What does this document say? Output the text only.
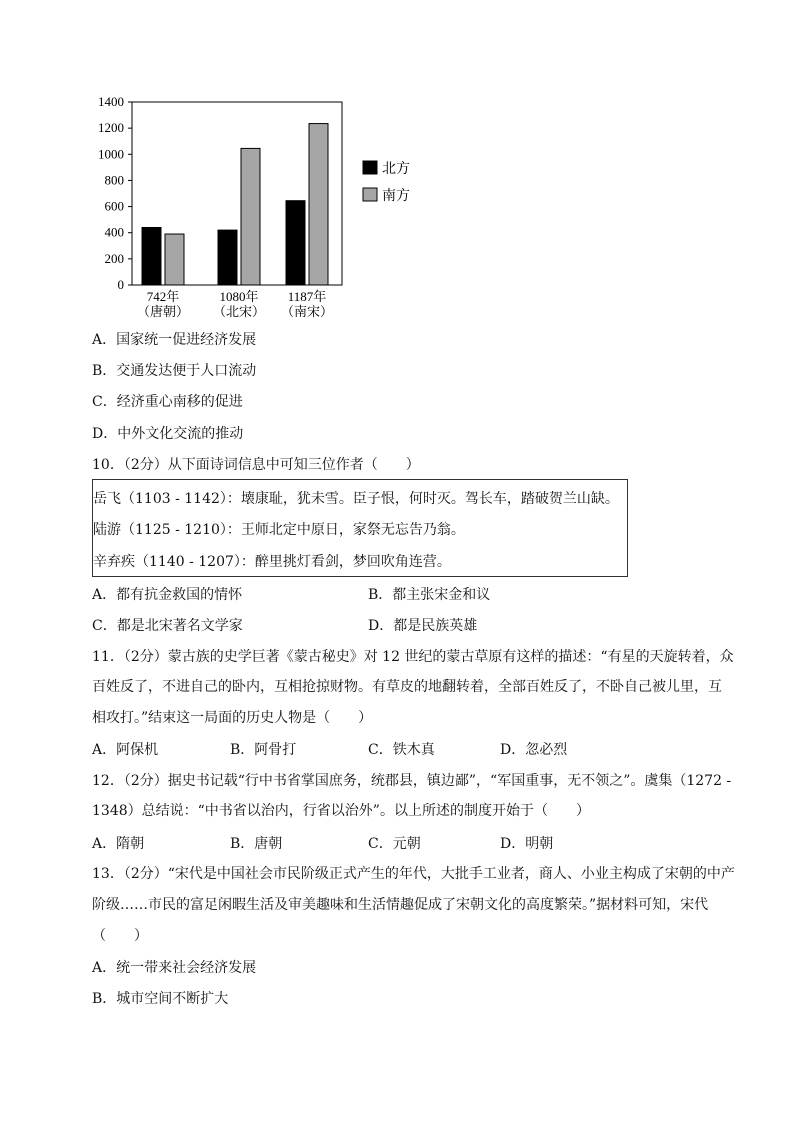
0
200
400
600
800
1000
1200
1400
742年
（唐朝）
1080年
（北宋）
1187年
（南宋）
北方
南方
A．国家统一促进经济发展
B．交通发达便于人口流动
C．经济重心南移的促进
D．中外文化交流的推动
10．（2分）从下面诗词信息中可知三位作者（　　）
岳飞（1103 - 1142）：壊康耻，犹未雪。臣子恨，何时灭。驾长车，踏破贺兰山缺。
陆游（1125 - 1210）：王师北定中原日，家祭无忘告乃翁。
辛弃疾（1140 - 1207）：醉里挑灯看剑，梦回吹角连营。
A．都有抗金救国的情怀	B．都主张宋金和议
C．都是北宋著名文学家	D．都是民族英雄
11．（2分）蒙古族的史学巨著《蒙古秘史》对 12 世纪的蒙古草原有这样的描述：“有星的天旋转着，众
百姓反了，不进自己的卧内，互相抢掠财物。有草皮的地翻转着，全部百姓反了，不卧自己被儿里，互
相攻打。”结束这一局面的历史人物是（　　）
A．阿保机	B．阿骨打	C．铁木真	D．忽必烈
12．（2分）据史书记载“行中书省掌国庶务，统郡县，镇边鄙”，“军国重事，无不领之”。虞集（1272 -
1348）总结说：“中书省以治内，行省以治外”。以上所述的制度开始于（　　）
A．隋朝	B．唐朝	C．元朝	D．明朝
13．（2分）“宋代是中国社会市民阶级正式产生的年代，大批手工业者，商人、小业主构成了宋朝的中产
阶级……市民的富足闲暇生活及审美趣味和生活情趣促成了宋朝文化的高度繁荣。”据材料可知，宋代
（　　）
A．统一带来社会经济发展
B．城市空间不断扩大
